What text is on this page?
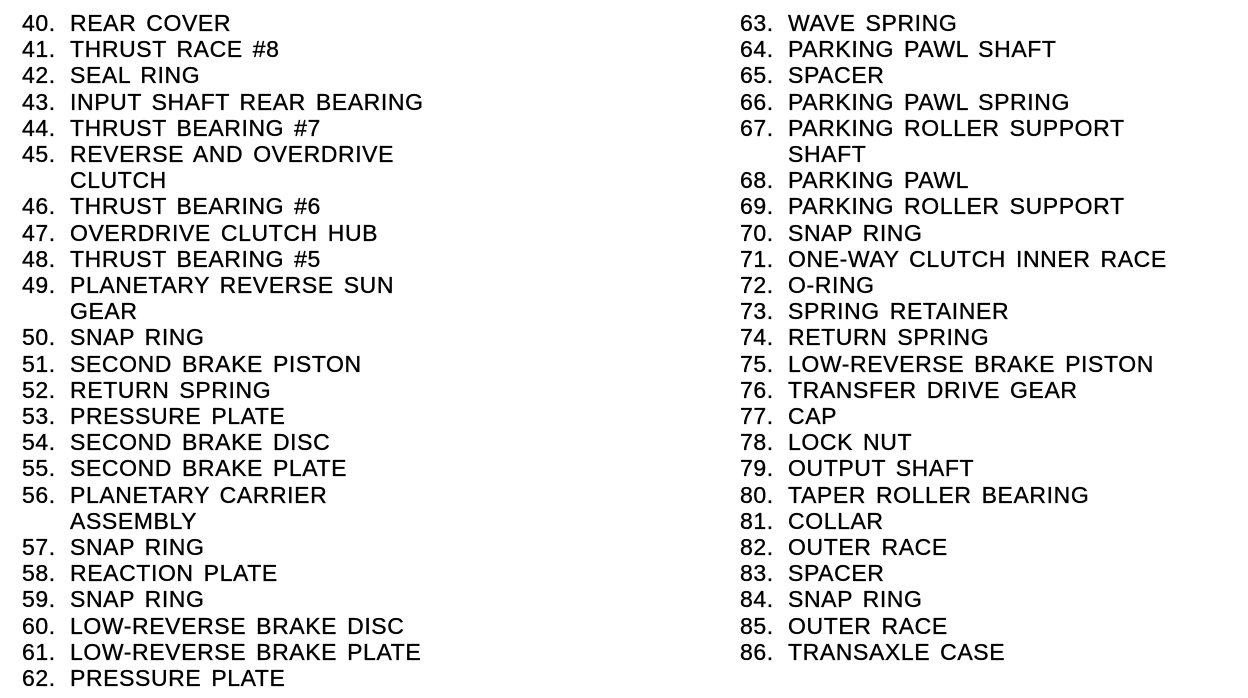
40. REAR COVER
41. THRUST RACE #8
42. SEAL RING
43. INPUT SHAFT REAR BEARING
44. THRUST BEARING #7
45. REVERSE AND OVERDRIVE
CLUTCH
46. THRUST BEARING #6
47. OVERDRIVE CLUTCH HUB
48. THRUST BEARING #5
49. PLANETARY REVERSE SUN
GEAR
50. SNAP RING
51. SECOND BRAKE PISTON
52. RETURN SPRING
53. PRESSURE PLATE
54. SECOND BRAKE DISC
55. SECOND BRAKE PLATE
56. PLANETARY CARRIER
ASSEMBLY
57. SNAP RING
58. REACTION PLATE
59. SNAP RING
60. LOW-REVERSE BRAKE DISC
61. LOW-REVERSE BRAKE PLATE
62. PRESSURE PLATE
63. WAVE SPRING
64. PARKING PAWL SHAFT
65. SPACER
66. PARKING PAWL SPRING
67. PARKING ROLLER SUPPORT
SHAFT
68. PARKING PAWL
69. PARKING ROLLER SUPPORT
70. SNAP RING
71. ONE-WAY CLUTCH INNER RACE
72. O-RING
73. SPRING RETAINER
74. RETURN SPRING
75. LOW-REVERSE BRAKE PISTON
76. TRANSFER DRIVE GEAR
77. CAP
78. LOCK NUT
79. OUTPUT SHAFT
80. TAPER ROLLER BEARING
81. COLLAR
82. OUTER RACE
83. SPACER
84. SNAP RING
85. OUTER RACE
86. TRANSAXLE CASE
